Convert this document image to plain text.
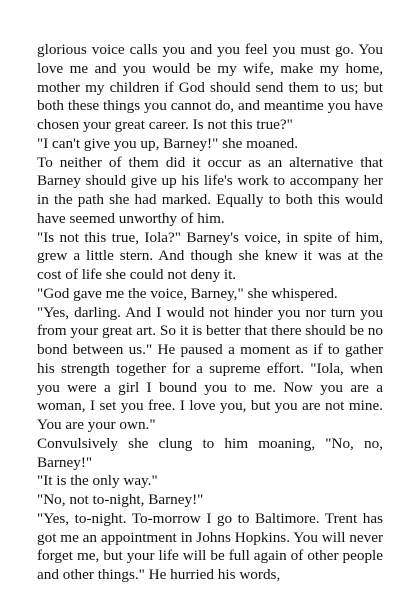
glorious voice calls you and you feel you must go. You love me and you would be my wife, make my home, mother my children if God should send them to us; but both these things you cannot do, and meantime you have chosen your great career. Is not this true?"

"I can't give you up, Barney!" she moaned.

To neither of them did it occur as an alternative that Barney should give up his life's work to accompany her in the path she had marked. Equally to both this would have seemed unworthy of him.

"Is not this true, Iola?" Barney's voice, in spite of him, grew a little stern. And though she knew it was at the cost of life she could not deny it.

"God gave me the voice, Barney," she whispered.

"Yes, darling. And I would not hinder you nor turn you from your great art. So it is better that there should be no bond between us." He paused a moment as if to gather his strength together for a supreme effort. "Iola, when you were a girl I bound you to me. Now you are a woman, I set you free. I love you, but you are not mine. You are your own."

Convulsively she clung to him moaning, "No, no, Barney!"

"It is the only way."

"No, not to-night, Barney!"

"Yes, to-night. To-morrow I go to Baltimore. Trent has got me an appointment in Johns Hopkins. You will never forget me, but your life will be full again of other people and other things." He hurried his words,
